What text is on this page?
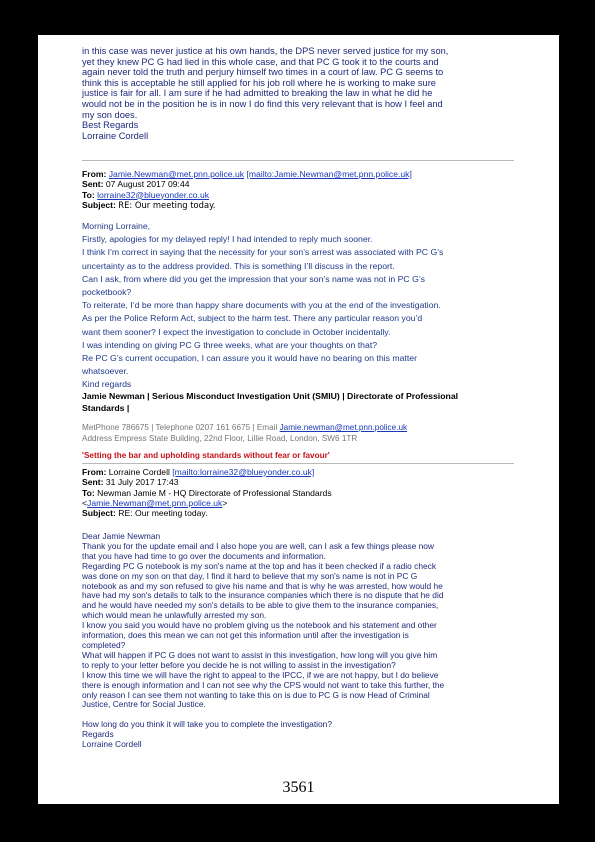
in this case was never justice at his own hands, the DPS never served justice for my son,

yet they knew PC G had lied in this whole case, and that PC G took it to the courts and

again never told the truth and perjury himself two times in a court of law. PC G seems to

think this is acceptable he still applied for his job roll where he is working to make sure

justice is fair for all. I am sure if he had admitted to breaking the law in what he did he

would not be in the position he is in now I do find this very relevant that is how I feel and

my son does.

Best Regards

Lorraine Cordell

From: Jamie.Newman@met.pnn.police.uk [mailto:Jamie.Newman@met.pnn.police.uk]

Sent: 07 August 2017 09:44

To: lorraine32@blueyonder.co.uk

Subject: RE: Our meeting today.

Morning Lorraine,

Firstly, apologies for my delayed reply! I had intended to reply much sooner.

I think I’m correct in saying that the necessity for your son’s arrest was associated with PC G’s

uncertainty as to the address provided. This is something I’ll discuss in the report.

Can I ask, from where did you get the impression that your son’s name was not in PC G’s

pocketbook?

To reiterate, I’d be more than happy share documents with you at the end of the investigation.

As per the Police Reform Act, subject to the harm test. There any particular reason you’d

want them sooner? I expect the investigation to conclude in October incidentally.

I was intending on giving PC G three weeks, what are your thoughts on that?

Re PC G’s current occupation, I can assure you it would have no bearing on this matter

whatsoever.

Kind regards

Jamie Newman | Serious Misconduct Investigation Unit (SMIU) | Directorate of Professional

Standards |

MetPhone 786675 | Telephone 0207 161 6675 | Email Jamie.newman@met.pnn.police.uk

Address Empress State Building, 22nd Floor, Lillie Road, London, SW6 1TR

'Setting the bar and upholding standards without fear or favour'

From: Lorraine Cordell [mailto:lorraine32@blueyonder.co.uk]

Sent: 31 July 2017 17:43

To: Newman Jamie M - HQ Directorate of Professional Standards

<Jamie.Newman@met.pnn.police.uk>

Subject: RE: Our meeting today.

Dear Jamie Newman

Thank you for the update email and I also hope you are well, can I ask a few things please now

that you have had time to go over the documents and information.

Regarding PC G notebook is my son's name at the top and has it been checked if a radio check

was done on my son on that day, I find it hard to believe that my son's name is not in PC G

notebook as and my son refused to give his name and that is why he was arrested, how would he

have had my son's details to talk to the insurance companies which there is no dispute that he did

and he would have needed my son's details to be able to give them to the insurance companies,

which would mean he unlawfully arrested my son.

I know you said you would have no problem giving us the notebook and his statement and other

information, does this mean we can not get this information until after the investigation is

completed?

What will happen if PC G does not want to assist in this investigation, how long will you give him

to reply to your letter before you decide he is not willing to assist in the investigation?

I know this time we will have the right to appeal to the IPCC, if we are not happy, but I do believe

there is enough information and I can not see why the CPS would not want to take this further, the

only reason I can see them not wanting to take this on is due to PC G is now Head of Criminal

Justice, Centre for Social Justice.

How long do you think it will take you to complete the investigation?

Regards

Lorraine Cordell

3561
